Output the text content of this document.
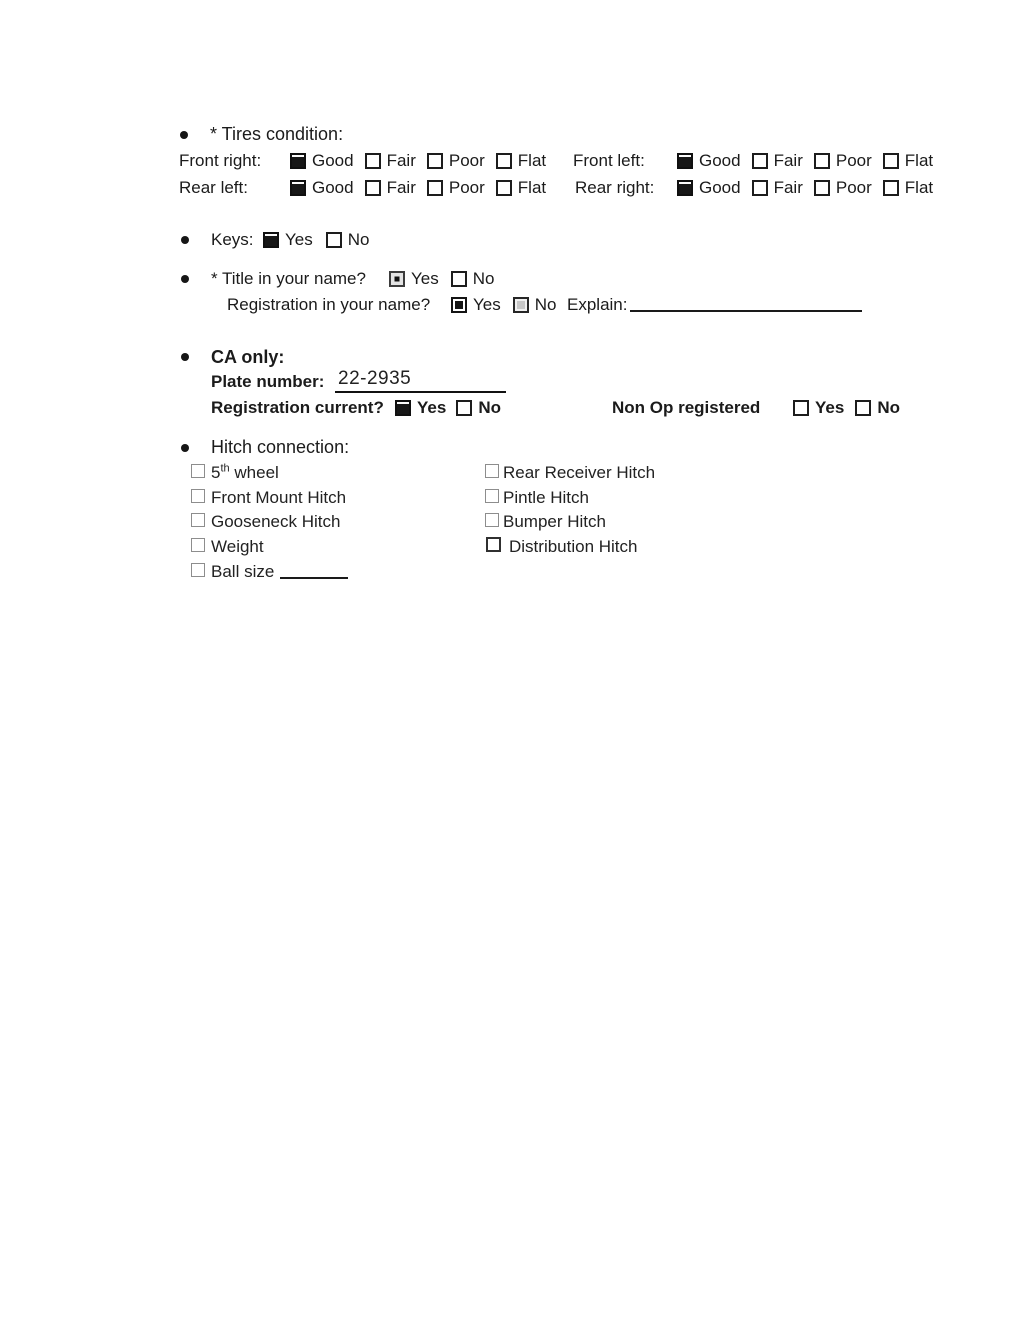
* Tires condition:
Front right:	Good Fair Poor Flat Front left:	Good Fair Poor Flat
Rear left:	Good Fair Poor Flat Rear right:	Good Fair Poor Flat
Keys: Yes No
* Title in your name?	Yes No
Registration in your name?	Yes No Explain:
CA only:
Plate number: 22-2935
Registration current? Yes No	Non Op registered	Yes No
Hitch connection:
5th wheel	Rear Receiver Hitch
Front Mount Hitch	Pintle Hitch
Gooseneck Hitch	Bumper Hitch
Weight	Distribution Hitch
Ball size
